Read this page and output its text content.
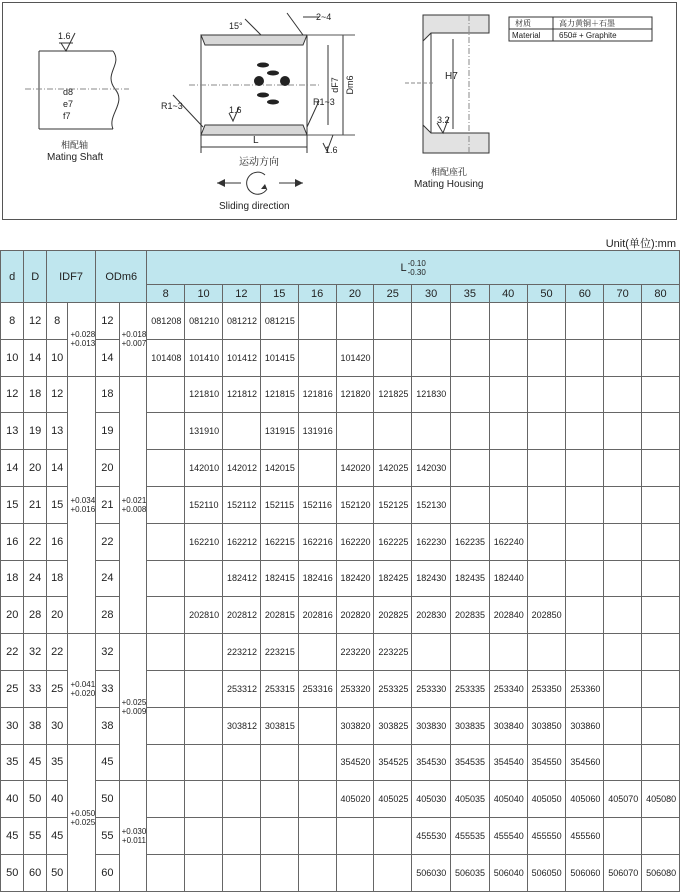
1.6
d8
e7
f7
相配轴
Mating Shaft
15°
2~4
R1~3	R1~3
1.6
1.6
dF7 Dm6
L
运动方向
Sliding direction
H7
3.2
相配座孔
Mating Housing
材质	高力黄铜＋石墨
Material 650# + Graphite
Unit(单位):mm
d	D	IDF7		ODm6		L-0.10
-0.30													
						8	10	12	15	16	20	25	30	35	40	50	60	70	80
8	12	8	+0.028
+0.013	12	+0.018
+0.007	081208	081210	081212	081215										
10	14	10		14		101408	101410	101412	101415		101420								
12	18	12	+0.034
+0.016	18	+0.021
+0.008		121810	121812	121815	121816	121820	121825	121830						
13	19	13		19			131910		131915	131916									
14	20	14		20			142010	142012	142015		142020	142025	142030						
15	21	15		21			152110	152112	152115	152116	152120	152125	152130						
16	22	16		22			162210	162212	162215	162216	162220	162225	162230	162235	162240				
18	24	18		24				182412	182415	182416	182420	182425	182430	182435	182440				
20	28	20		28			202810	202812	202815	202816	202820	202825	202830	202835	202840	202850			
22	32	22	+0.041
+0.020	32	+0.025
+0.009			223212	223215		223220	223225							
25	33	25		33				253312	253315	253316	253320	253325	253330	253335	253340	253350	253360		
30	38	30		38				303812	303815		303820	303825	303830	303835	303840	303850	303860		
35	45	35	+0.050
+0.025	45							354520	354525	354530	354535	354540	354550	354560		
40	50	40		50	+0.030
+0.011						405020	405025	405030	405035	405040	405050	405060	405070	405080
45	55	45		55									455530	455535	455540	455550	455560		
50	60	50		60									506030	506035	506040	506050	506060	506070	506080
